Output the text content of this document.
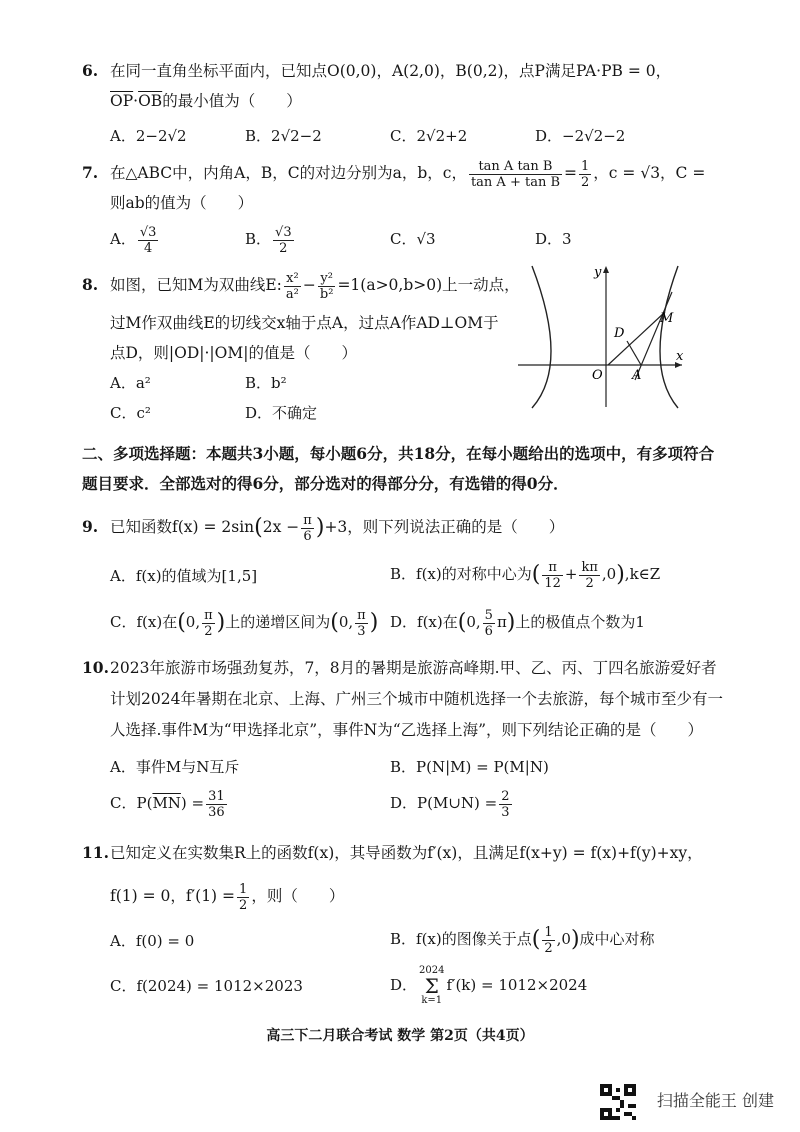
6. 在同一直角坐标平面内，已知点O(0,0)，A(2,0)，B(0,2)，点P满足PA·PB = 0，
$\overline{OP}\cdot\overline{OB}$的最小值为（　　）
A．2−2√2	B．2√2−2	C．2√2+2	D．−2√2−2
7. 在△ABC中，内角A，B，C的对边分别为a，b，c， $\frac{\text{tan A tan B}}{\text{tan A + tan B}} = \frac{1}{2}$ ，c = √3，C =
则ab的值为（　　）
A． $\frac{√3}{4}$	B． $\frac{√3}{2}$	C．√3	D．3
8. 如图，已知M为双曲线E: $\frac{\text{x²}}{\text{a²}} - \frac{\text{y²}}{\text{b²}} =1(a>0,b>0)$上一动点，
过M作双曲线E的切线交x轴于点A，过点A作AD⊥OM于
点D，则|OD|·|OM|的值是（　　）
A．a²	B．b²
C．c²	D．不确定
y
x
O A
D
M
二、多项选择题：本题共3小题，每小题6分，共18分，在每小题给出的选项中，有多项符合
题目要求．全部选对的得6分，部分选对的得部分分，有选错的得0分．
9. 已知函数$f(x) = 2\sin(2x - \frac{\pi}{6} )+3$，则下列说法正确的是（　　）
A．f(x)的值域为[1,5]	B．f(x)的对称中心为( $\frac{\pi}{12} + \frac{k\pi}{2}$ ,0),k∈Z
C．f(x)在(0, $\frac{\pi}{2}$ )上的递增区间为(0, $\frac{\pi}{3}$ ) D．f(x)在(0, $\frac{5}{6} \pi$)上的极值点个数为1
10.2023年旅游市场强劲复苏，7，8月的暑期是旅游高峰期.甲、乙、丙、丁四名旅游爱好者
计划2024年暑期在北京、上海、广州三个城市中随机选择一个去旅游，每个城市至少有一
人选择.事件M为“甲选择北京”，事件N为“乙选择上海”，则下列结论正确的是（　　）
A．事件M与N互斥	B．P(N|M) = P(M|N)
C．$P(\overline{MN}) = \frac{31}{36}$	D．P(M∪N) = $\frac{2}{3}$
11.已知定义在实数集R上的函数f(x)，其导函数为f′(x)，且满足f(x+y) = f(x)+f(y)+xy，
f(1) = 0，$f'(1) = \frac{1}{2}$ ，则（　　）
A．f(0) = 0	B．f(x)的图像关于点( $\frac{1}{2} ,0$)成中心对称
C．f(2024) = 1012×2023	D．2024
Σ
k=1f′(k) = 1012×2024
高三下二月联合考试 数学 第2页（共4页）
扫描全能王 创建
